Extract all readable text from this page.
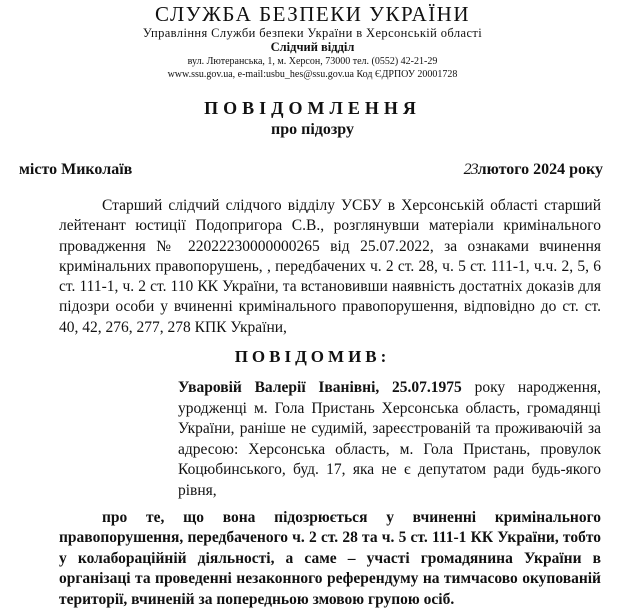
СЛУЖБА БЕЗПЕКИ УКРАЇНИ
Управління Служби безпеки України в Херсонській області
Слідчий відділ
вул. Лютеранська, 1, м. Херсон, 73000 тел. (0552) 42-21-29
www.ssu.gov.ua, e-mail:usbu_hes@ssu.gov.ua Код ЄДРПОУ 20001728
ПОВІДОМЛЕННЯ
про підозру
місто Миколаїв	23лютого 2024 року
Старший слідчий слідчого відділу УСБУ в Херсонській області старший лейтенант юстиції Подопригора С.В., розглянувши матеріали кримінального провадження № 22022230000000265 від 25.07.2022, за ознаками вчинення кримінальних правопорушень, , передбачених ч. 2 ст. 28, ч. 5 ст. 111-1, ч.ч. 2, 5, 6 ст. 111-1, ч. 2 ст. 110 КК України, та встановивши наявність достатніх доказів для підозри особи у вчиненні кримінального правопорушення, відповідно до ст. ст. 40, 42, 276, 277, 278 КПК України,
ПОВІДОМИВ:
Уваровій Валерії Іванівні, 25.07.1975 року народження, уродженці м. Гола Пристань Херсонська область, громадянці України, раніше не судимій, зареєстрованій та проживаючій за адресою: Херсонська область, м. Гола Пристань, провулок Коцюбинського, буд. 17, яка не є депутатом ради будь-якого рівня,
про те, що вона підозрюється у вчиненні кримінального правопорушення, передбаченого ч. 2 ст. 28 та ч. 5 ст. 111-1 КК України, тобто у колабораційній діяльності, а саме – участі громадянина України в організаці та проведенні незаконного референдуму на тимчасово окупованій території, вчиненій за попередньою змовою групою осіб.
